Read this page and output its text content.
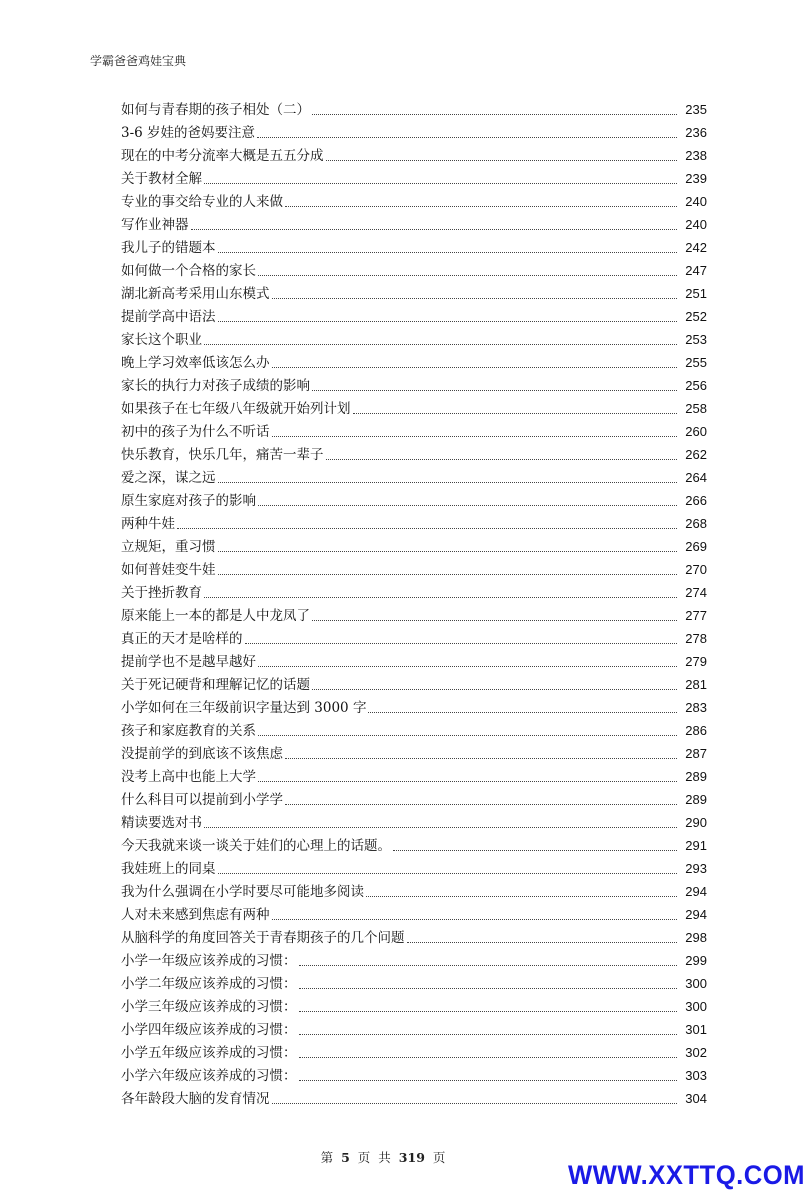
学霸爸爸鸡娃宝典
如何与青春期的孩子相处（二）	235
3-6 岁娃的爸妈要注意	236
现在的中考分流率大概是五五分成	238
关于教材全解	239
专业的事交给专业的人来做	240
写作业神器	240
我儿子的错题本	242
如何做一个合格的家长	247
湖北新高考采用山东模式	251
提前学高中语法	252
家长这个职业	253
晚上学习效率低该怎么办	255
家长的执行力对孩子成绩的影响	256
如果孩子在七年级八年级就开始列计划	258
初中的孩子为什么不听话	260
快乐教育，快乐几年，痛苦一辈子	262
爱之深，谋之远	264
原生家庭对孩子的影响	266
两种牛娃	268
立规矩，重习惯	269
如何普娃变牛娃	270
关于挫折教育	274
原来能上一本的都是人中龙凤了	277
真正的天才是啥样的	278
提前学也不是越早越好	279
关于死记硬背和理解记忆的话题	281
小学如何在三年级前识字量达到 3000 字	283
孩子和家庭教育的关系	286
没提前学的到底该不该焦虑	287
没考上高中也能上大学	289
什么科目可以提前到小学学	289
精读要选对书	290
今天我就来谈一谈关于娃们的心理上的话题。	291
我娃班上的同桌	293
我为什么强调在小学时要尽可能地多阅读	294
人对未来感到焦虑有两种	294
从脑科学的角度回答关于青春期孩子的几个问题	298
小学一年级应该养成的习惯：	299
小学二年级应该养成的习惯：	300
小学三年级应该养成的习惯：	300
小学四年级应该养成的习惯：	301
小学五年级应该养成的习惯：	302
小学六年级应该养成的习惯：	303
各年龄段大脑的发育情况	304
第 5 页 共 319 页
WWW.XXTTQ.COM
